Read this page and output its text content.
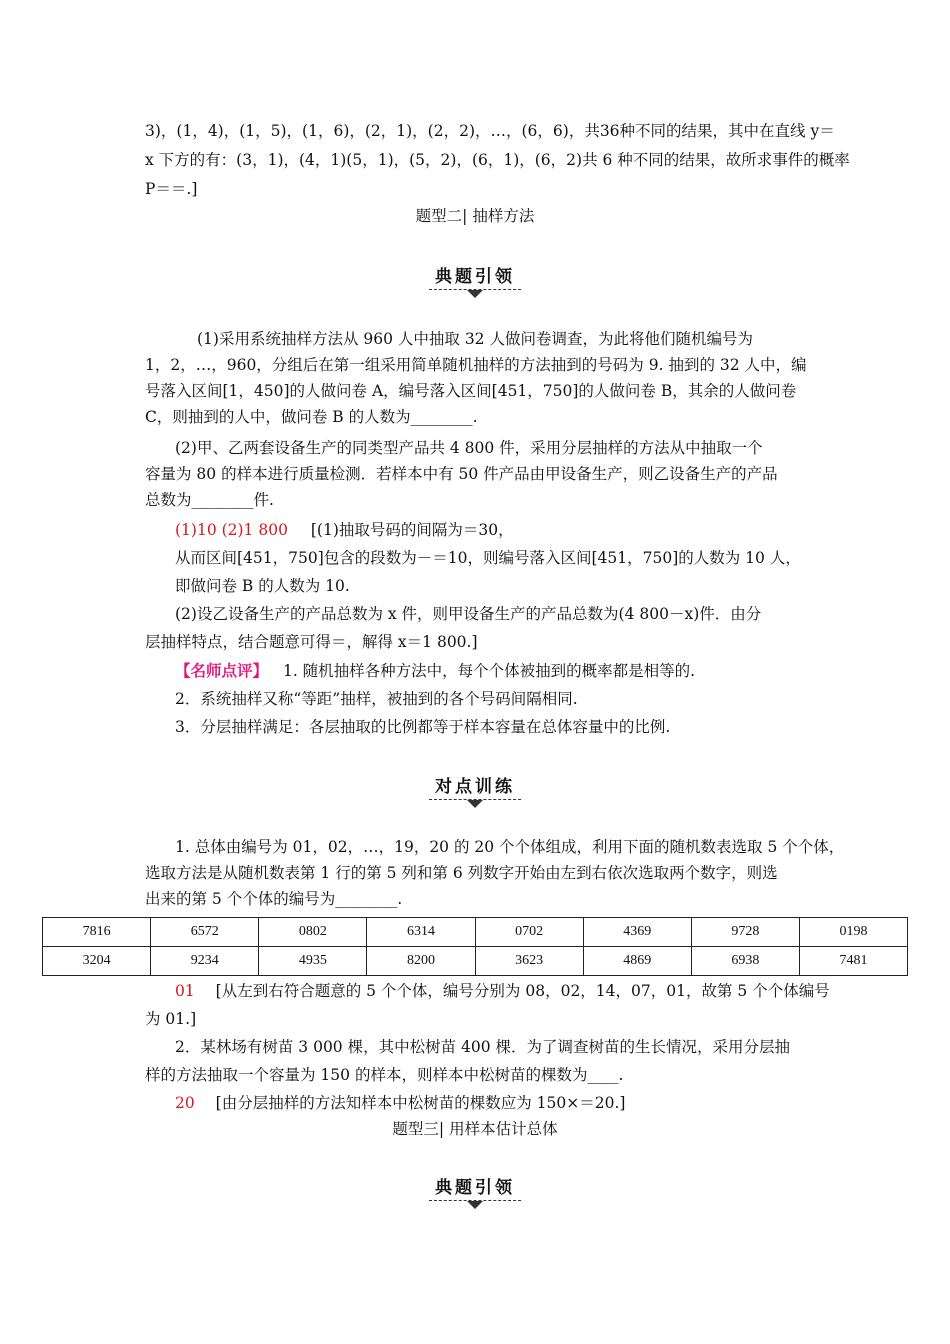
3)，(1，4)，(1，5)，(1，6)，(2，1)，(2，2)，…，(6，6)，共36种不同的结果，其中在直线 y＝
x 下方的有：(3，1)，(4，1)(5，1)，(5，2)，(6，1)，(6，2)共 6 种不同的结果，故所求事件的概率
P＝＝.]
题型二| 抽样方法
典题引领
(1)采用系统抽样方法从 960 人中抽取 32 人做问卷调查，为此将他们随机编号为
1，2，…，960，分组后在第一组采用简单随机抽样的方法抽到的号码为 9. 抽到的 32 人中，编
号落入区间[1，450]的人做问卷 A，编号落入区间[451，750]的人做问卷 B，其余的人做问卷
C，则抽到的人中，做问卷 B 的人数为________.
(2)甲、乙两套设备生产的同类型产品共 4 800 件，采用分层抽样的方法从中抽取一个
容量为 80 的样本进行质量检测．若样本中有 50 件产品由甲设备生产，则乙设备生产的产品
总数为________件.
(1)10 (2)1 800 [(1)抽取号码的间隔为＝30，
从而区间[451，750]包含的段数为－＝10，则编号落入区间[451，750]的人数为 10 人，
即做问卷 B 的人数为 10.
(2)设乙设备生产的产品总数为 x 件，则甲设备生产的产品总数为(4 800－x)件．由分
层抽样特点，结合题意可得＝，解得 x＝1 800.]
【名师点评】 1. 随机抽样各种方法中，每个个体被抽到的概率都是相等的.
2．系统抽样又称“等距”抽样，被抽到的各个号码间隔相同.
3．分层抽样满足：各层抽取的比例都等于样本容量在总体容量中的比例.
对点训练
1. 总体由编号为 01，02，…，19，20 的 20 个个体组成，利用下面的随机数表选取 5 个个体，
选取方法是从随机数表第 1 行的第 5 列和第 6 列数字开始由左到右依次选取两个数字，则选
出来的第 5 个个体的编号为________.
7816	6572	0802	6314	0702	4369	9728	0198
3204	9234	4935	8200	3623	4869	6938	7481
01 [从左到右符合题意的 5 个个体，编号分别为 08，02，14，07，01，故第 5 个个体编号
为 01.]
2．某林场有树苗 3 000 棵，其中松树苗 400 棵．为了调查树苗的生长情况，采用分层抽
样的方法抽取一个容量为 150 的样本，则样本中松树苗的棵数为____.
20 [由分层抽样的方法知样本中松树苗的棵数应为 150×＝20.]
题型三| 用样本估计总体
典题引领
